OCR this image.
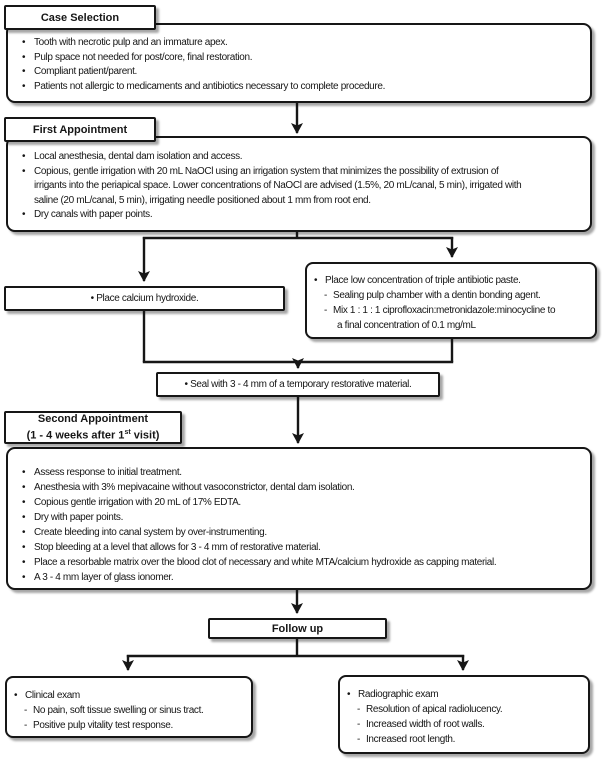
Case Selection
• Tooth with necrotic pulp and an immature apex.
• Pulp space not needed for post/core, final restoration.
• Compliant patient/parent.
• Patients not allergic to medicaments and antibiotics necessary to complete procedure.
First Appointment
• Local anesthesia, dental dam isolation and access.
• Copious, gentle irrigation with 20 mL NaOCl using an irrigation system that minimizes the possibility of extrusion of
irrigants into the periapical space. Lower concentrations of NaOCl are advised (1.5%, 20 mL/canal, 5 min), irrigated with
saline (20 mL/canal, 5 min), irrigating needle positioned about 1 mm from root end.
• Dry canals with paper points.
• Place calcium hydroxide.
• Place low concentration of triple antibiotic paste.
- Sealing pulp chamber with a dentin bonding agent.
- Mix 1 : 1 : 1 ciprofloxacin:metronidazole:minocycline to
a final concentration of 0.1 mg/mL
• Seal with 3 - 4 mm of a temporary restorative material.
Second Appointment
(1 - 4 weeks after 1st visit)
• Assess response to initial treatment.
• Anesthesia with 3% mepivacaine without vasoconstrictor, dental dam isolation.
• Copious gentle irrigation with 20 mL of 17% EDTA.
• Dry with paper points.
• Create bleeding into canal system by over-instrumenting.
• Stop bleeding at a level that allows for 3 - 4 mm of restorative material.
• Place a resorbable matrix over the blood clot of necessary and white MTA/calcium hydroxide as capping material.
• A 3 - 4 mm layer of glass ionomer.
Follow up
• Clinical exam
- No pain, soft tissue swelling or sinus tract.
- Positive pulp vitality test response.
• Radiographic exam
- Resolution of apical radiolucency.
- Increased width of root walls.
- Increased root length.
